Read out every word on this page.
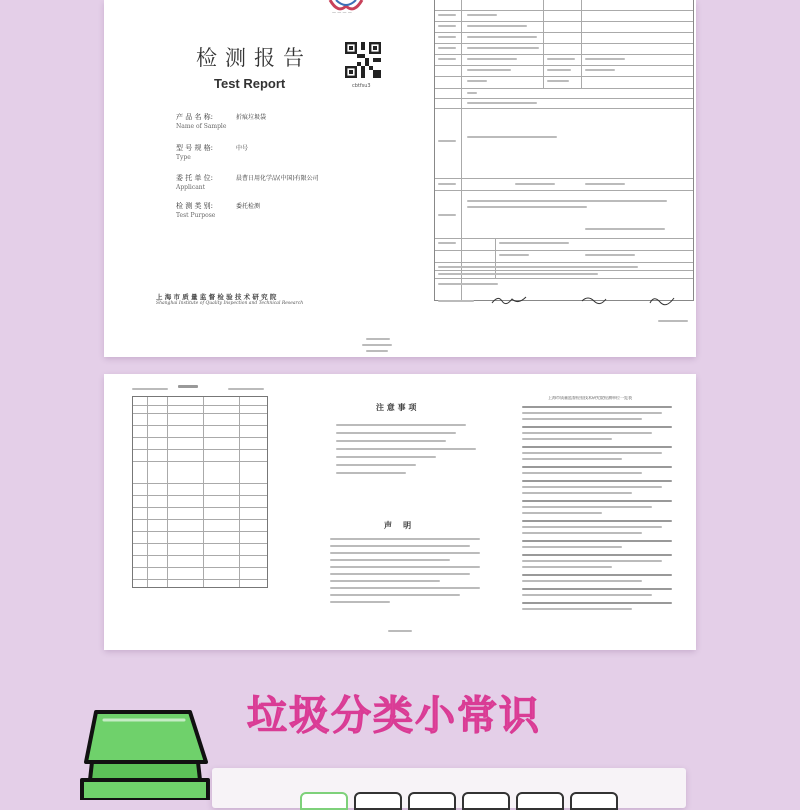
— — — —
检测报告
Test Report	cbtfsu3
产 品 名 称:
Name of Sample
折痕垃圾袋
型 号 规 格:
Type
中号
委 托 单 位:
Applicant
晨曹日用化学品(中国)有限公司
检 测 类 别:
Test Purpose
委托检测
上 海 市 质 量 监 督 检 验 技 术 研 究 院
Shanghai Institute of Quality Inspection and Technical Research
注 意 事 项
声    明
上海市质量监督检验技术研究院检测单位一览表
垃圾分类小常识
